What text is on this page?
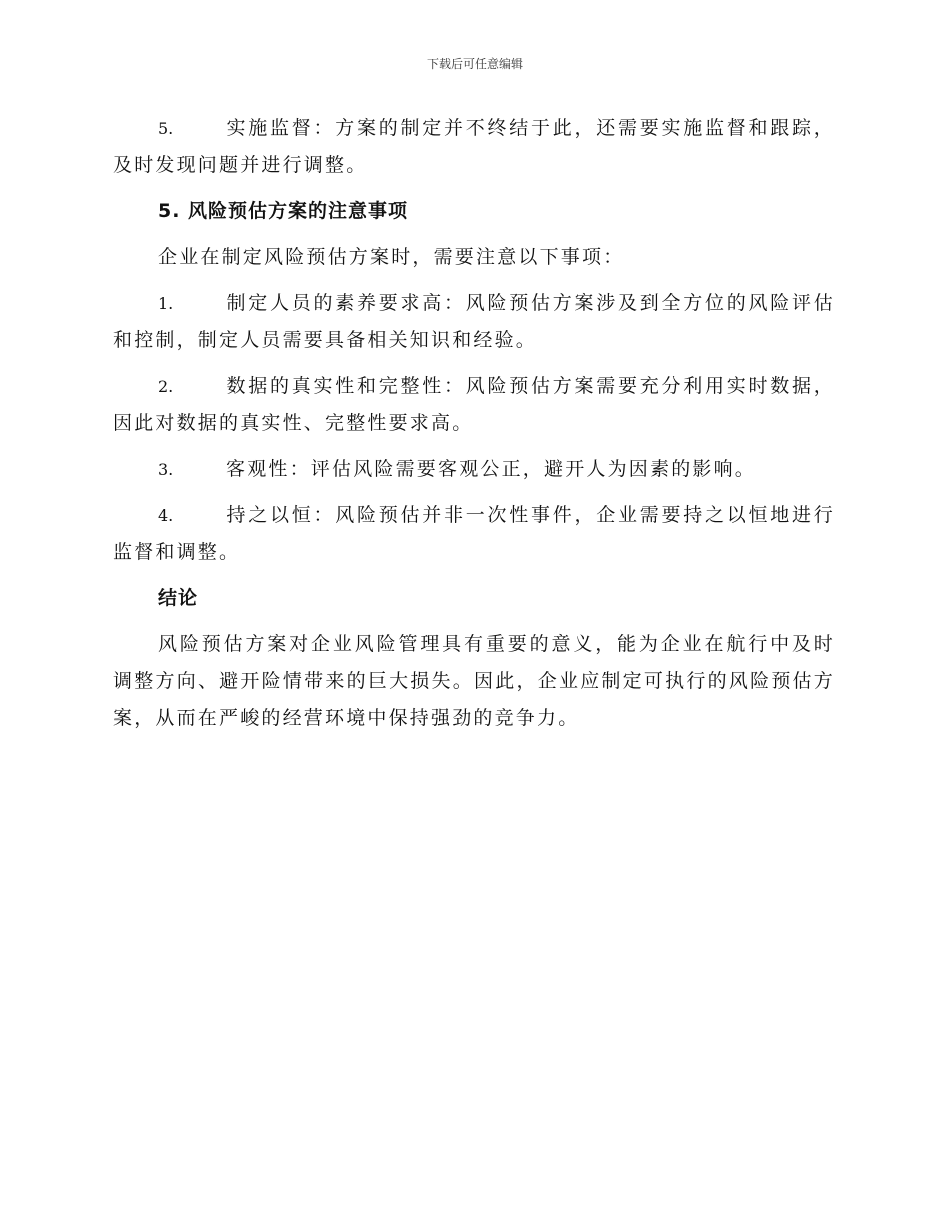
下载后可任意编辑
5.	实施监督：方案的制定并不终结于此，还需要实施监督和跟踪，及时发现问题并进行调整。
5. 风险预估方案的注意事项
企业在制定风险预估方案时，需要注意以下事项：
1.	制定人员的素养要求高：风险预估方案涉及到全方位的风险评估和控制，制定人员需要具备相关知识和经验。
2.	数据的真实性和完整性：风险预估方案需要充分利用实时数据，因此对数据的真实性、完整性要求高。
3.	客观性：评估风险需要客观公正，避开人为因素的影响。
4.	持之以恒：风险预估并非一次性事件，企业需要持之以恒地进行监督和调整。
结论
风险预估方案对企业风险管理具有重要的意义，能为企业在航行中及时调整方向、避开险情带来的巨大损失。因此，企业应制定可执行的风险预估方案，从而在严峻的经营环境中保持强劲的竞争力。
